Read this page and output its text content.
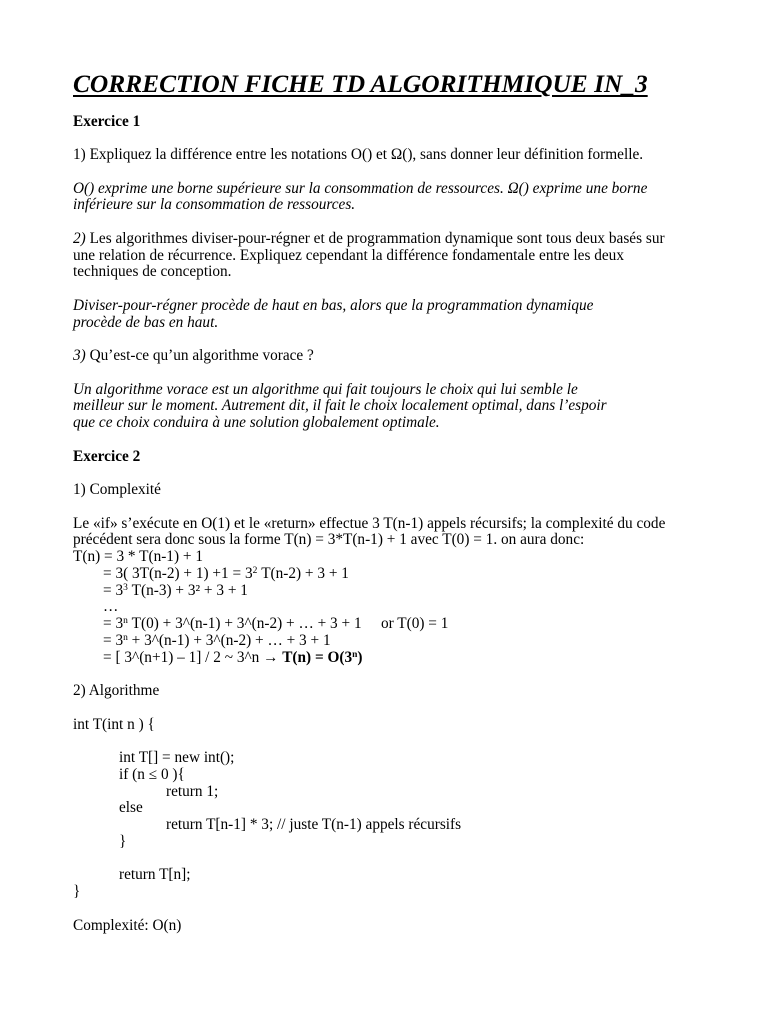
CORRECTION FICHE TD ALGORITHMIQUE IN_3
Exercice 1
1) Expliquez la différence entre les notations O() et Ω(), sans donner leur définition formelle.
O() exprime une borne supérieure sur la consommation de ressources. Ω() exprime une borne
inférieure sur la consommation de ressources.
2) Les algorithmes diviser-pour-régner et de programmation dynamique sont tous deux basés sur
une relation de récurrence. Expliquez cependant la différence fondamentale entre les deux
techniques de conception.
Diviser-pour-régner procède de haut en bas, alors que la programmation dynamique
procède de bas en haut.
3) Qu’est-ce qu’un algorithme vorace ?
Un algorithme vorace est un algorithme qui fait toujours le choix qui lui semble le
meilleur sur le moment. Autrement dit, il fait le choix localement optimal, dans l’espoir
que ce choix conduira à une solution globalement optimale.
Exercice 2
1) Complexité
Le «if» s’exécute en O(1) et le «return» effectue 3 T(n-1) appels récursifs; la complexité du code
précédent sera donc sous la forme T(n) = 3*T(n-1) + 1 avec T(0) = 1. on aura donc:
T(n) = 3 * T(n-1) + 1
= 3( $3T(n-2) + 1) +1 = 3^2$ T(n-2) + 3 + 1
= $3^3$ T(n-3) + 3² + 3 + 1
…
= $3^n$ T(0) + 3^(n-1) + 3^(n-2) + … + 3 + 1 or T(0) = 1
= $3^n$ + 3^(n-1) + 3^(n-2) + … + 3 + 1
= [ 3^(n+1) – 1] / 2 ~ 3^n → $T(n) = O(3^n)$
2) Algorithme
int T(int n ) {
int T[] = new int();
if (n ≤ 0 ){
return 1;
else
return T[n-1] * 3; // juste T(n-1) appels récursifs
}
return T[n];
}
Complexité: O(n)
